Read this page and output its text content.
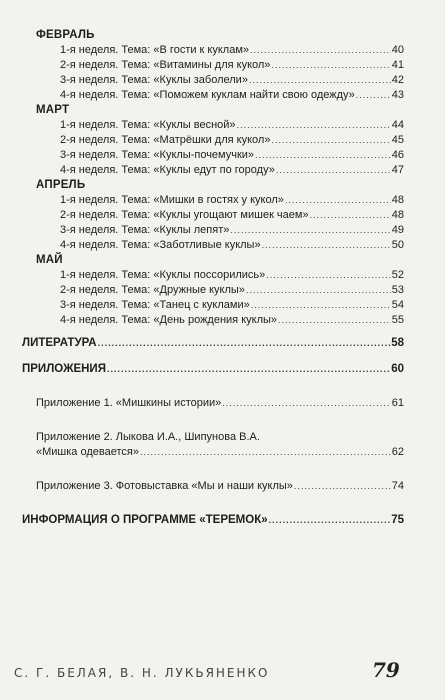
ФЕВРАЛЬ
1-я неделя. Тема: «В гости к куклам» .....	40
2-я неделя. Тема: «Витамины для кукол» .....	41
3-я неделя. Тема: «Куклы заболели» .....	42
4-я неделя. Тема: «Поможем куклам найти свою одежду» .....	43
МАРТ
1-я неделя. Тема: «Куклы весной» .....	44
2-я неделя. Тема: «Матрёшки для кукол» .....	45
3-я неделя. Тема: «Куклы-почемучки» .....	46
4-я неделя. Тема: «Куклы едут по городу» .....	47
АПРЕЛЬ
1-я неделя. Тема: «Мишки в гостях у кукол» .....	48
2-я неделя. Тема: «Куклы угощают мишек чаем» .....	48
3-я неделя. Тема: «Куклы лепят» .....	49
4-я неделя. Тема: «Заботливые куклы» .....	50
МАЙ
1-я неделя. Тема: «Куклы поссорились» .....	52
2-я неделя. Тема: «Дружные куклы» .....	53
3-я неделя. Тема: «Танец с куклами» .....	54
4-я неделя. Тема: «День рождения куклы» .....	55
ЛИТЕРАТУРА .....	58
ПРИЛОЖЕНИЯ .....	60
Приложение 1. «Мишкины истории» .....	61
Приложение 2. Лыкова И.А., Шипунова В.А.
«Мишка одевается» .....	62
Приложение 3. Фотовыставка «Мы и наши куклы» .....	74
ИНФОРМАЦИЯ О ПРОГРАММЕ «ТЕРЕМОК» .....	75
С. Г. БЕЛАЯ, В. Н. ЛУКЬЯНЕНКО	79
